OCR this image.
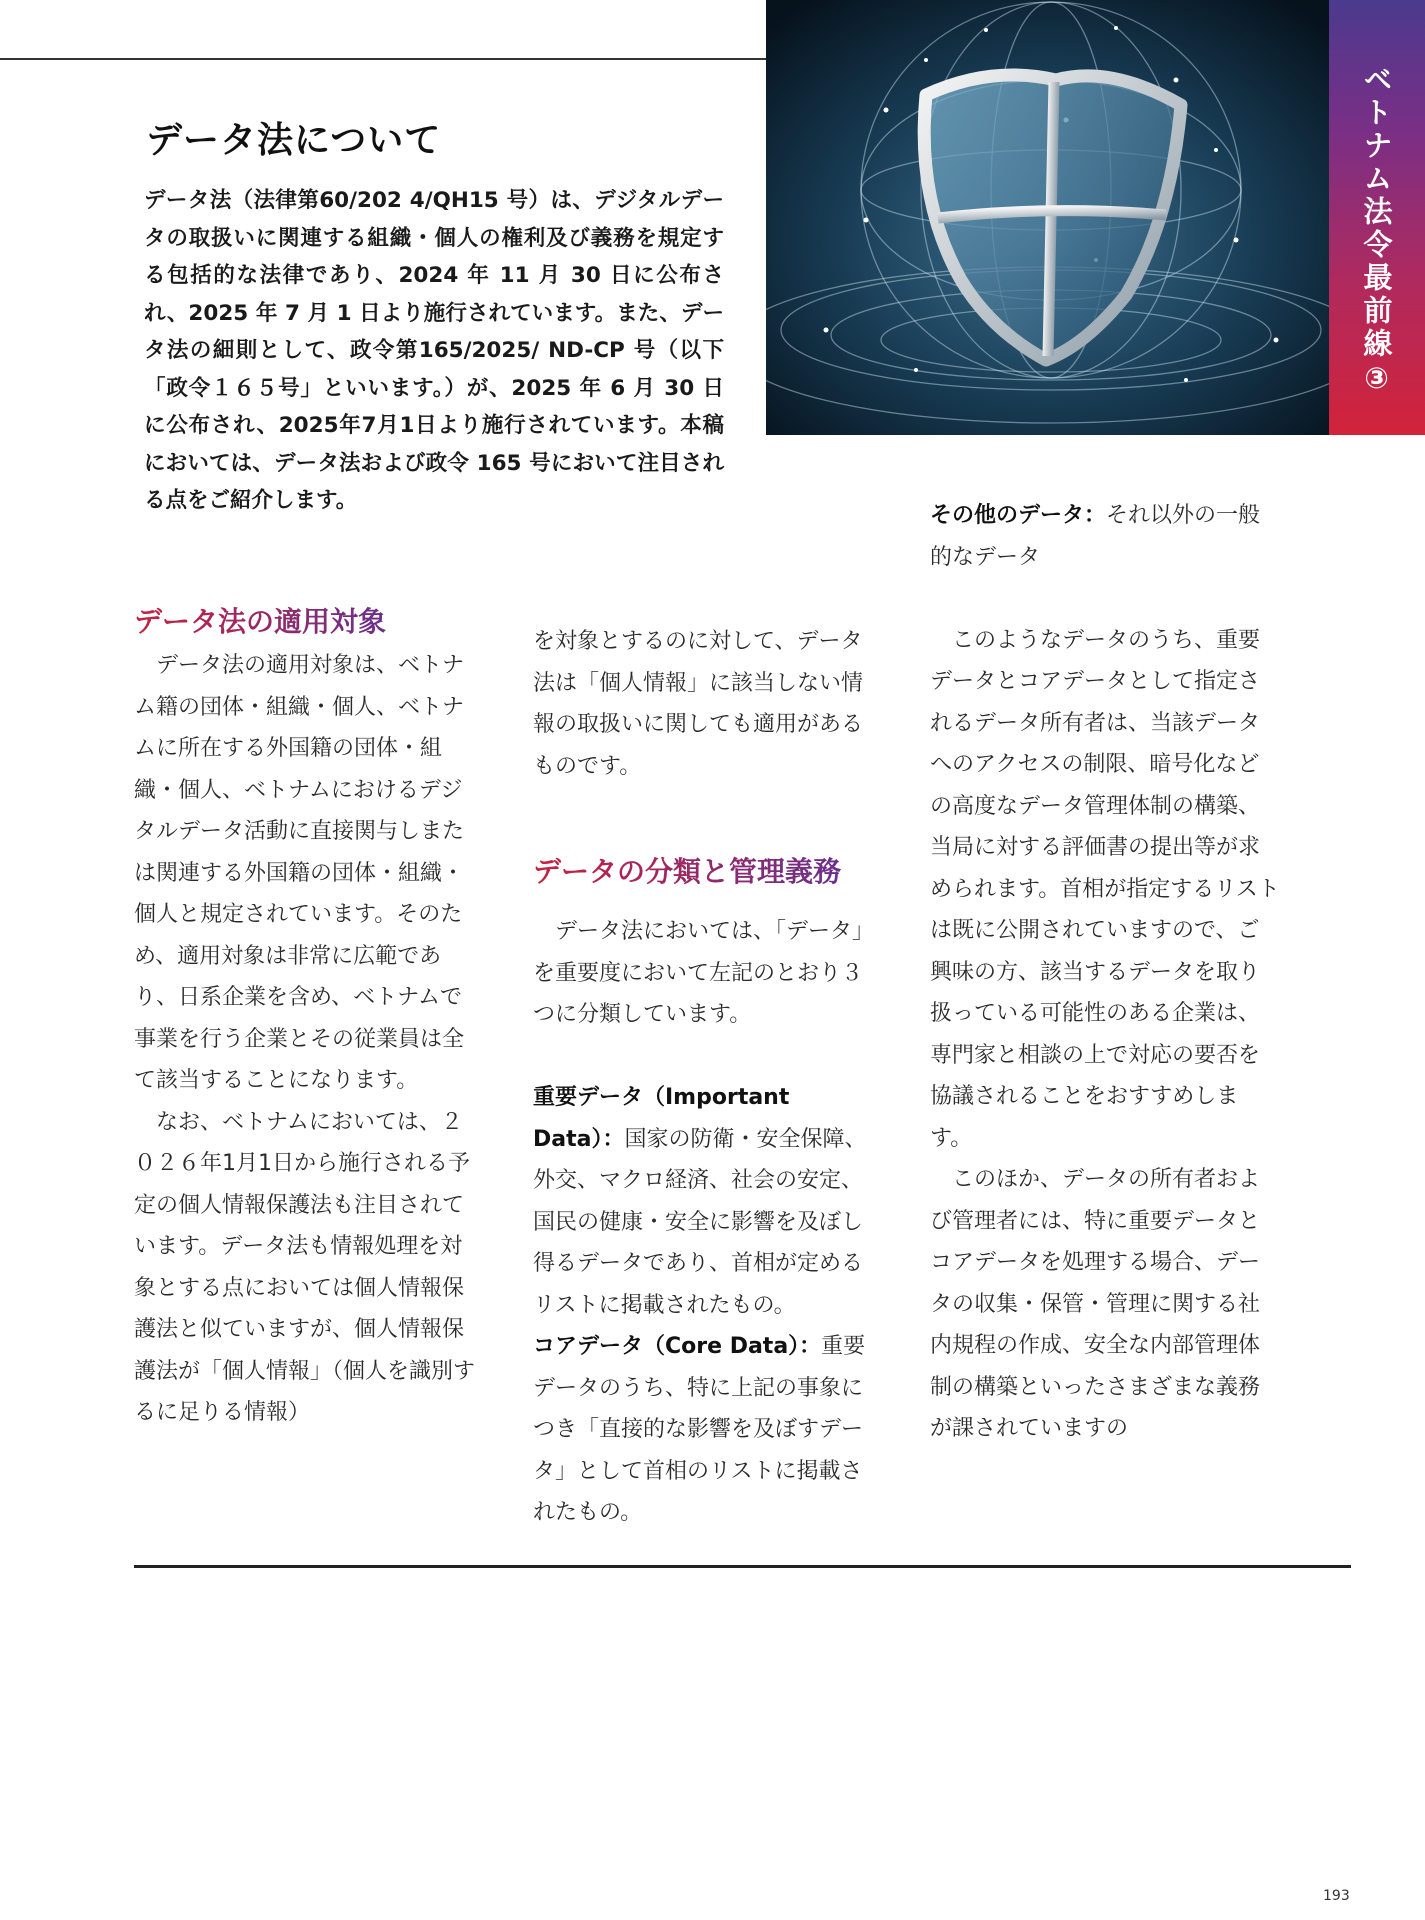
ベトナム法令最前線③
データ法について

データ法（法律第60/202 4/QH15 号）は、デジタルデータの取扱いに関連する組織・個人の権利及び義務を規定する包括的な法律であり、2024 年 11 月 30 日に公布され、2025 年 7 月 1 日より施行されています。また、データ法の細則として、政令第165/2025/ ND-CP 号（以下「政令１６５号」といいます。）が、2025 年 6 月 30 日に公布され、2025年7月1日より施行されています。本稿においては、データ法および政令 165 号において注目される点をご紹介します。

データ法の適用対象

データ法の適用対象は、ベトナム籍の団体・組織・個人、ベトナムに所在する外国籍の団体・組織・個人、ベトナムにおけるデジタルデータ活動に直接関与しまたは関連する外国籍の団体・組織・個人と規定されています。そのため、適用対象は非常に広範であり、日系企業を含め、ベトナムで事業を行う企業とその従業員は全て該当することになります。

なお、ベトナムにおいては、２０２６年1月1日から施行される予定の個人情報保護法も注目されています。データ法も情報処理を対象とする点においては個人情報保護法と似ていますが、個人情報保護法が「個人情報」（個人を識別するに足りる情報）

を対象とするのに対して、データ法は「個人情報」に該当しない情報の取扱いに関しても適用があるものです。

データの分類と管理義務

データ法においては、「データ」を重要度において左記のとおり３つに分類しています。

重要データ（Important Data）：国家の防衛・安全保障、外交、マクロ経済、社会の安定、国民の健康・安全に影響を及ぼし得るデータであり、首相が定めるリストに掲載されたもの。

コアデータ（Core Data）：重要データのうち、特に上記の事象につき「直接的な影響を及ぼすデータ」として首相のリストに掲載されたもの。

その他のデータ：それ以外の一般的なデータ

このようなデータのうち、重要データとコアデータとして指定されるデータ所有者は、当該データへのアクセスの制限、暗号化などの高度なデータ管理体制の構築、当局に対する評価書の提出等が求められます。首相が指定するリストは既に公開されていますので、ご興味の方、該当するデータを取り扱っている可能性のある企業は、専門家と相談の上で対応の要否を協議されることをおすすめします。

このほか、データの所有者および管理者には、特に重要データとコアデータを処理する場合、データの収集・保管・管理に関する社内規程の作成、安全な内部管理体制の構築といったさまざまな義務が課されていますの

193
